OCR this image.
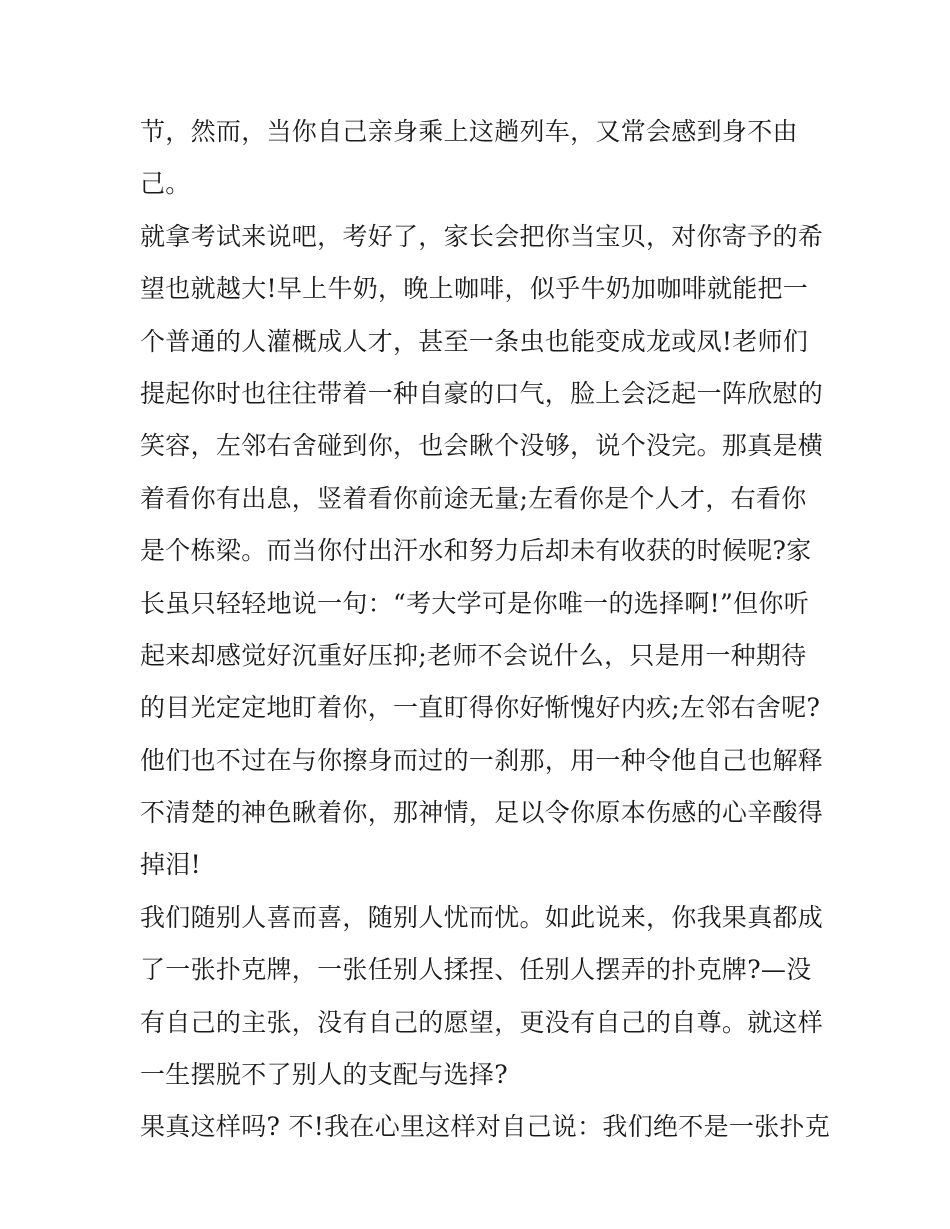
节，然而，当你自己亲身乘上这趟列车，又常会感到身不由
己。
就拿考试来说吧，考好了，家长会把你当宝贝，对你寄予的希
望也就越大!早上牛奶，晚上咖啡，似乎牛奶加咖啡就能把一
个普通的人灌概成人才，甚至一条虫也能变成龙或凤!老师们
提起你时也往往带着一种自豪的口气，脸上会泛起一阵欣慰的
笑容，左邻右舍碰到你，也会瞅个没够，说个没完。那真是横
着看你有出息，竖着看你前途无量;左看你是个人才，右看你
是个栋梁。而当你付出汗水和努力后却未有收获的时候呢?家
长虽只轻轻地说一句：“考大学可是你唯一的选择啊!”但你听
起来却感觉好沉重好压抑;老师不会说什么，只是用一种期待
的目光定定地盯着你，一直盯得你好惭愧好内疚;左邻右舍呢?
他们也不过在与你擦身而过的一刹那，用一种令他自己也解释
不清楚的神色瞅着你，那神情，足以令你原本伤感的心辛酸得
掉泪!
我们随别人喜而喜，随别人忧而忧。如此说来，你我果真都成
了一张扑克牌，一张任别人揉捏、任别人摆弄的扑克牌?—没
有自己的主张，没有自己的愿望，更没有自己的自尊。就这样
一生摆脱不了别人的支配与选择?
果真这样吗? 不!我在心里这样对自己说：我们绝不是一张扑克
